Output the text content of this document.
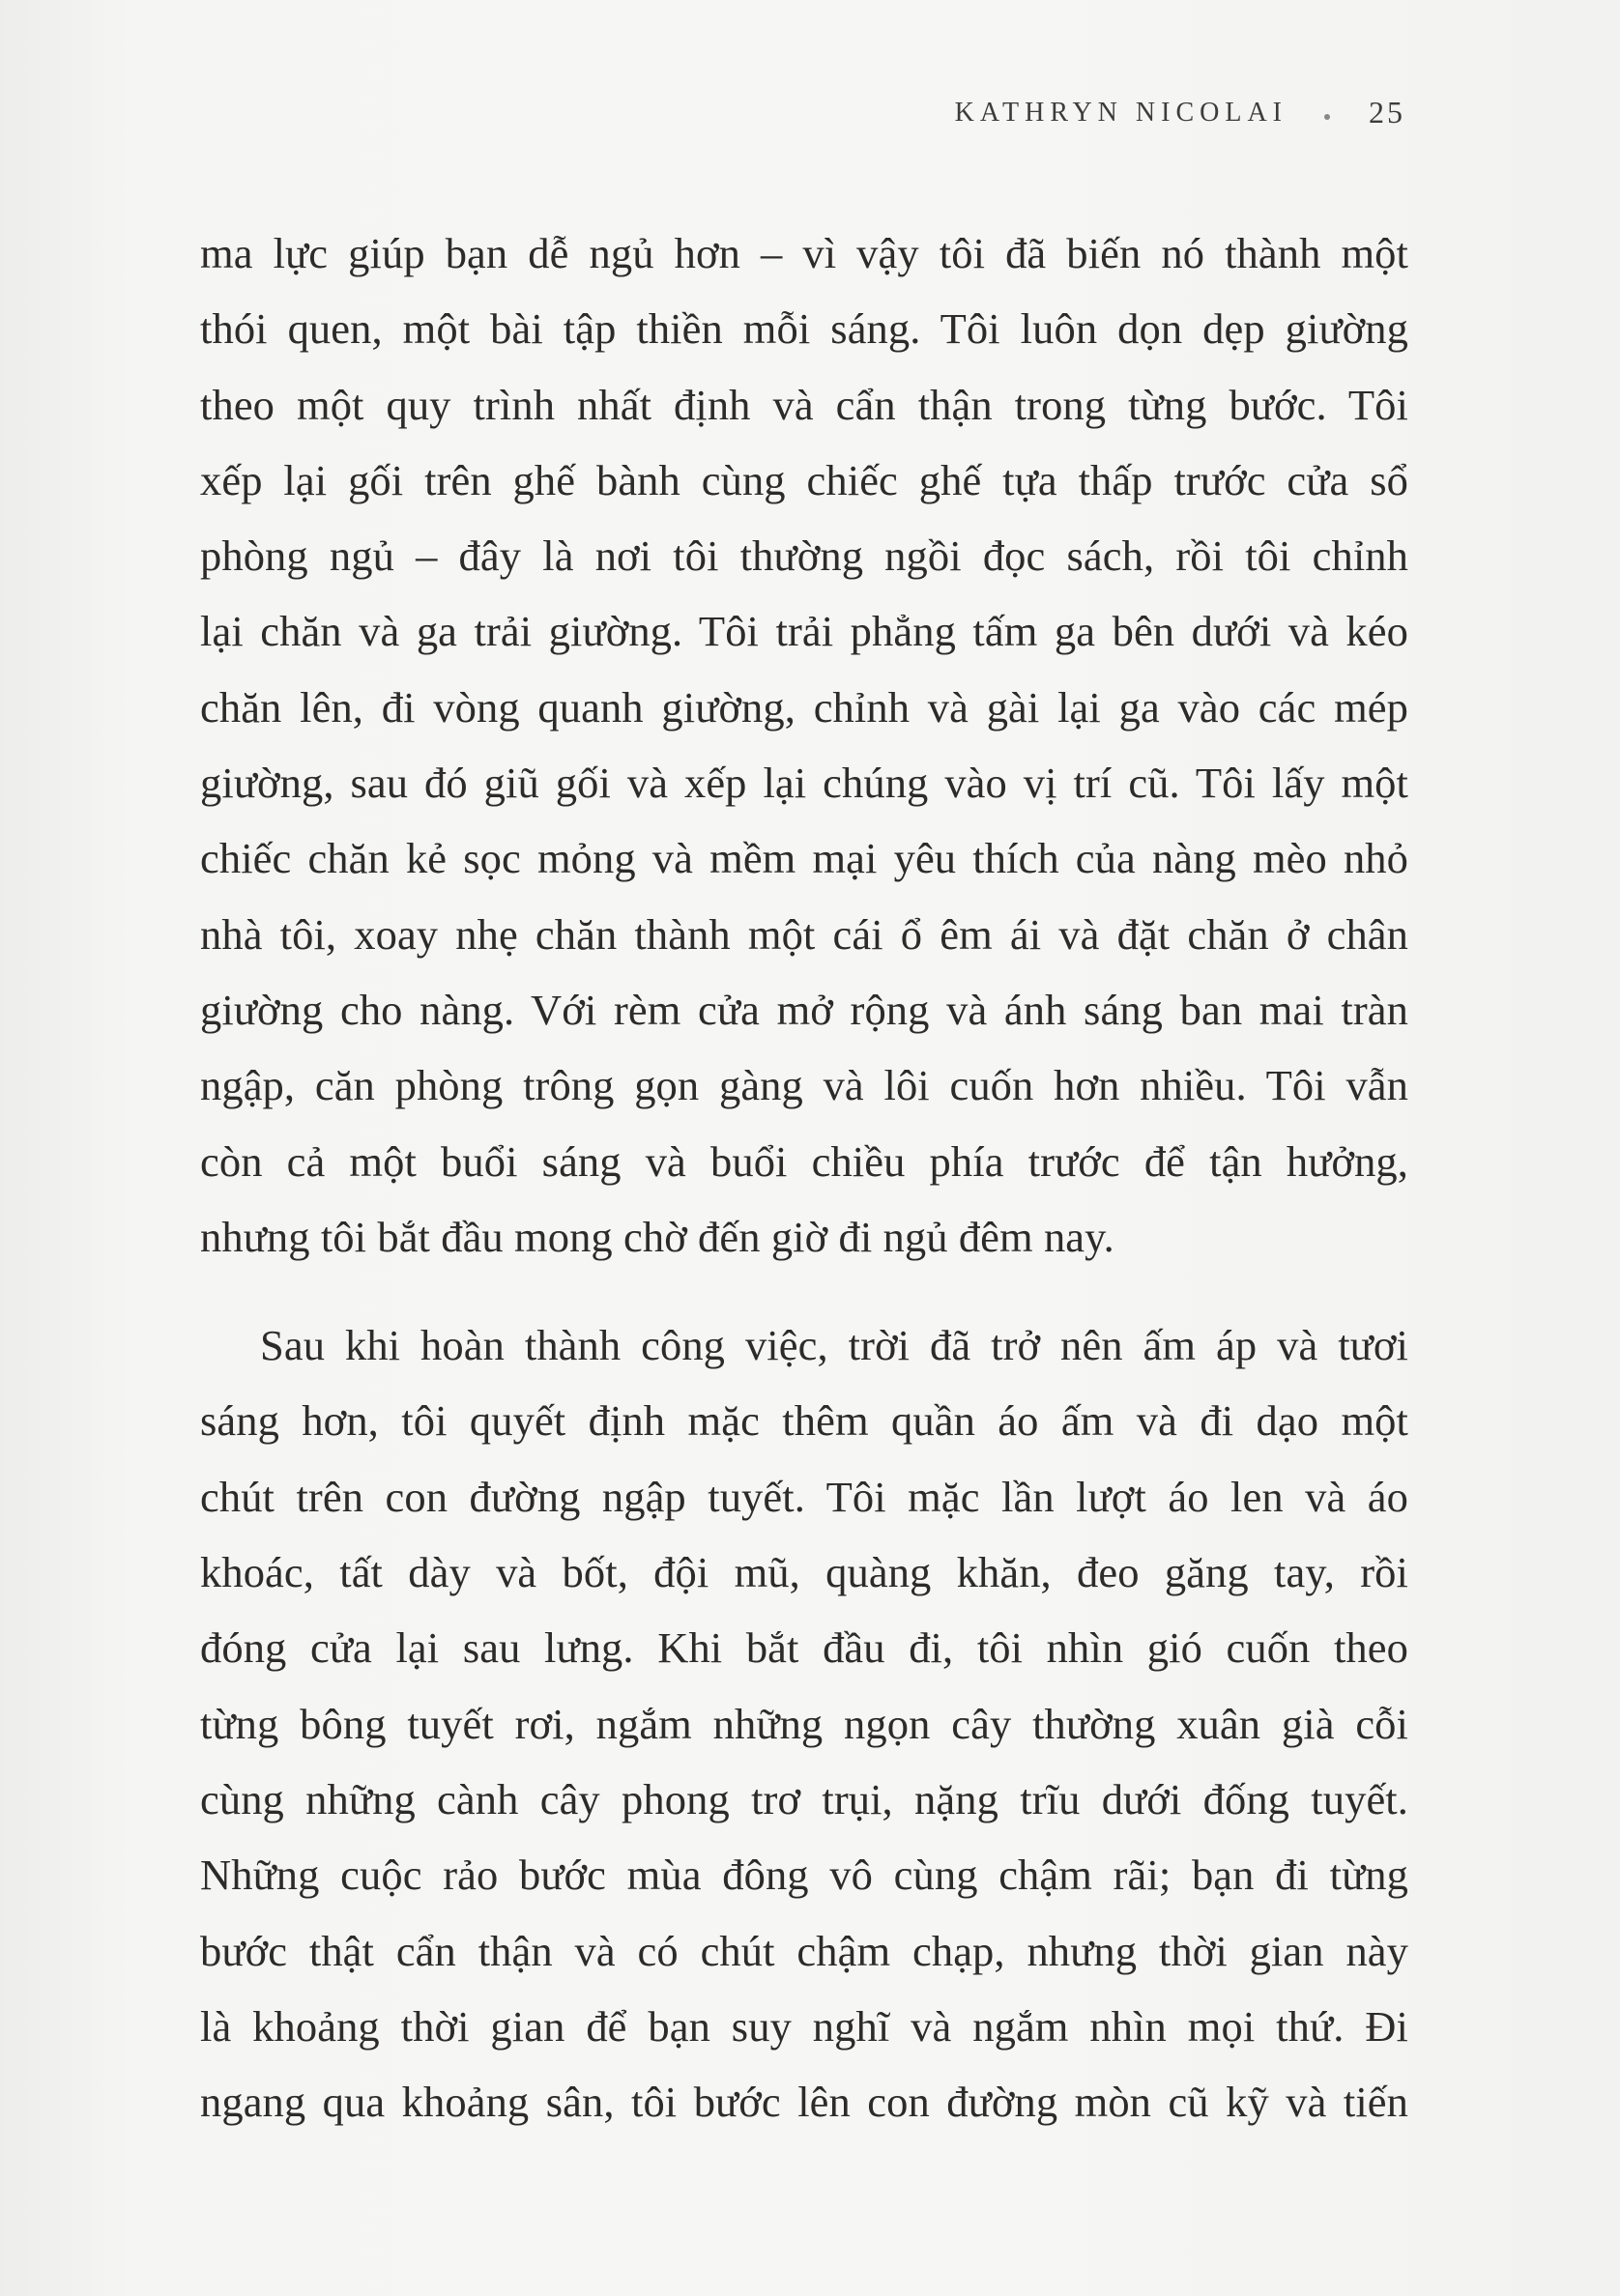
KATHRYN NICOLAI	25
ma lực giúp bạn dễ ngủ hơn – vì vậy tôi đã biến nó thành một
thói quen, một bài tập thiền mỗi sáng. Tôi luôn dọn dẹp giường
theo một quy trình nhất định và cẩn thận trong từng bước. Tôi
xếp lại gối trên ghế bành cùng chiếc ghế tựa thấp trước cửa sổ
phòng ngủ – đây là nơi tôi thường ngồi đọc sách, rồi tôi chỉnh
lại chăn và ga trải giường. Tôi trải phẳng tấm ga bên dưới và kéo
chăn lên, đi vòng quanh giường, chỉnh và gài lại ga vào các mép
giường, sau đó giũ gối và xếp lại chúng vào vị trí cũ. Tôi lấy một
chiếc chăn kẻ sọc mỏng và mềm mại yêu thích của nàng mèo nhỏ
nhà tôi, xoay nhẹ chăn thành một cái ổ êm ái và đặt chăn ở chân
giường cho nàng. Với rèm cửa mở rộng và ánh sáng ban mai tràn
ngập, căn phòng trông gọn gàng và lôi cuốn hơn nhiều. Tôi vẫn
còn cả một buổi sáng và buổi chiều phía trước để tận hưởng,
nhưng tôi bắt đầu mong chờ đến giờ đi ngủ đêm nay.
Sau khi hoàn thành công việc, trời đã trở nên ấm áp và tươi
sáng hơn, tôi quyết định mặc thêm quần áo ấm và đi dạo một
chút trên con đường ngập tuyết. Tôi mặc lần lượt áo len và áo
khoác, tất dày và bốt, đội mũ, quàng khăn, đeo găng tay, rồi
đóng cửa lại sau lưng. Khi bắt đầu đi, tôi nhìn gió cuốn theo
từng bông tuyết rơi, ngắm những ngọn cây thường xuân già cỗi
cùng những cành cây phong trơ trụi, nặng trĩu dưới đống tuyết.
Những cuộc rảo bước mùa đông vô cùng chậm rãi; bạn đi từng
bước thật cẩn thận và có chút chậm chạp, nhưng thời gian này
là khoảng thời gian để bạn suy nghĩ và ngắm nhìn mọi thứ. Đi
ngang qua khoảng sân, tôi bước lên con đường mòn cũ kỹ và tiến
